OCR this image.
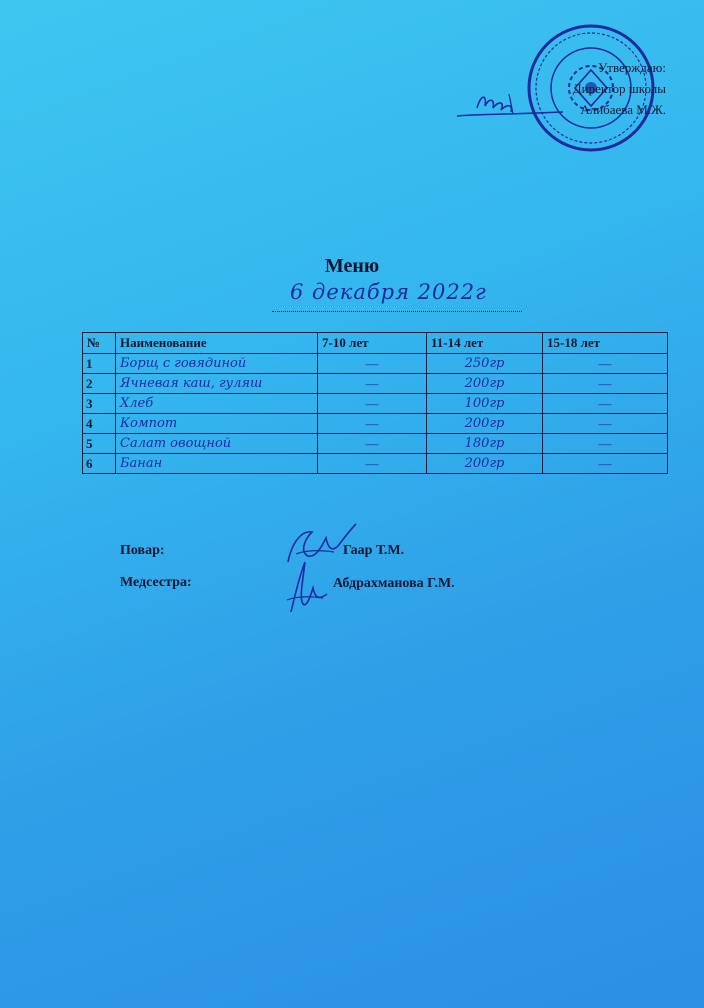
Утверждаю:
Директор школы
Алибаева М.Ж.
Меню
6 декабря 2022г
№	Наименование	7-10 лет	11-14 лет	15-18 лет
1	Борщ с говядиной	—	250гр	—
2	Ячневая каш, гуляш	—	200гр	—
3	Хлеб	—	100гр	—
4	Компот	—	200гр	—
5	Салат овощной	—	180гр	—
6	Банан	—	200гр	—
Повар:	Гаар Т.М.
Медсестра:	Абдрахманова Г.М.
